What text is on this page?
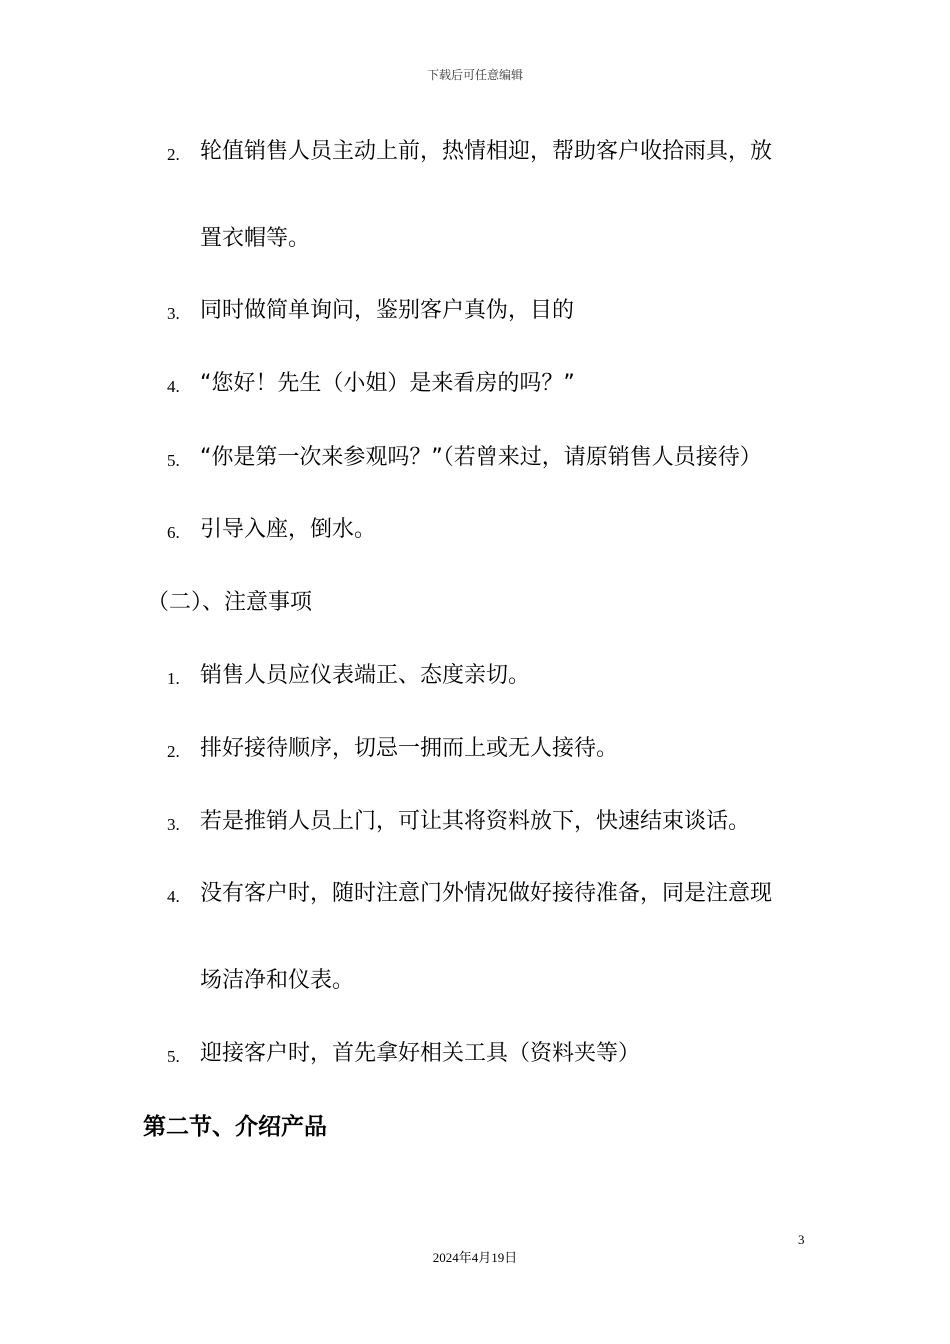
下载后可任意编辑
2. 轮值销售人员主动上前，热情相迎，帮助客户收拾雨具，放
置衣帽等。
3. 同时做简单询问，鉴别客户真伪，目的
4. “您好！先生（小姐）是来看房的吗？”
5. “你是第一次来参观吗？”（若曾来过，请原销售人员接待）
6. 引导入座，倒水。
（二）、注意事项
1. 销售人员应仪表端正、态度亲切。
2. 排好接待顺序，切忌一拥而上或无人接待。
3. 若是推销人员上门，可让其将资料放下，快速结束谈话。
4. 没有客户时，随时注意门外情况做好接待准备，同是注意现
场洁净和仪表。
5. 迎接客户时，首先拿好相关工具（资料夹等）
第二节、介绍产品
3
2024年4月19日
